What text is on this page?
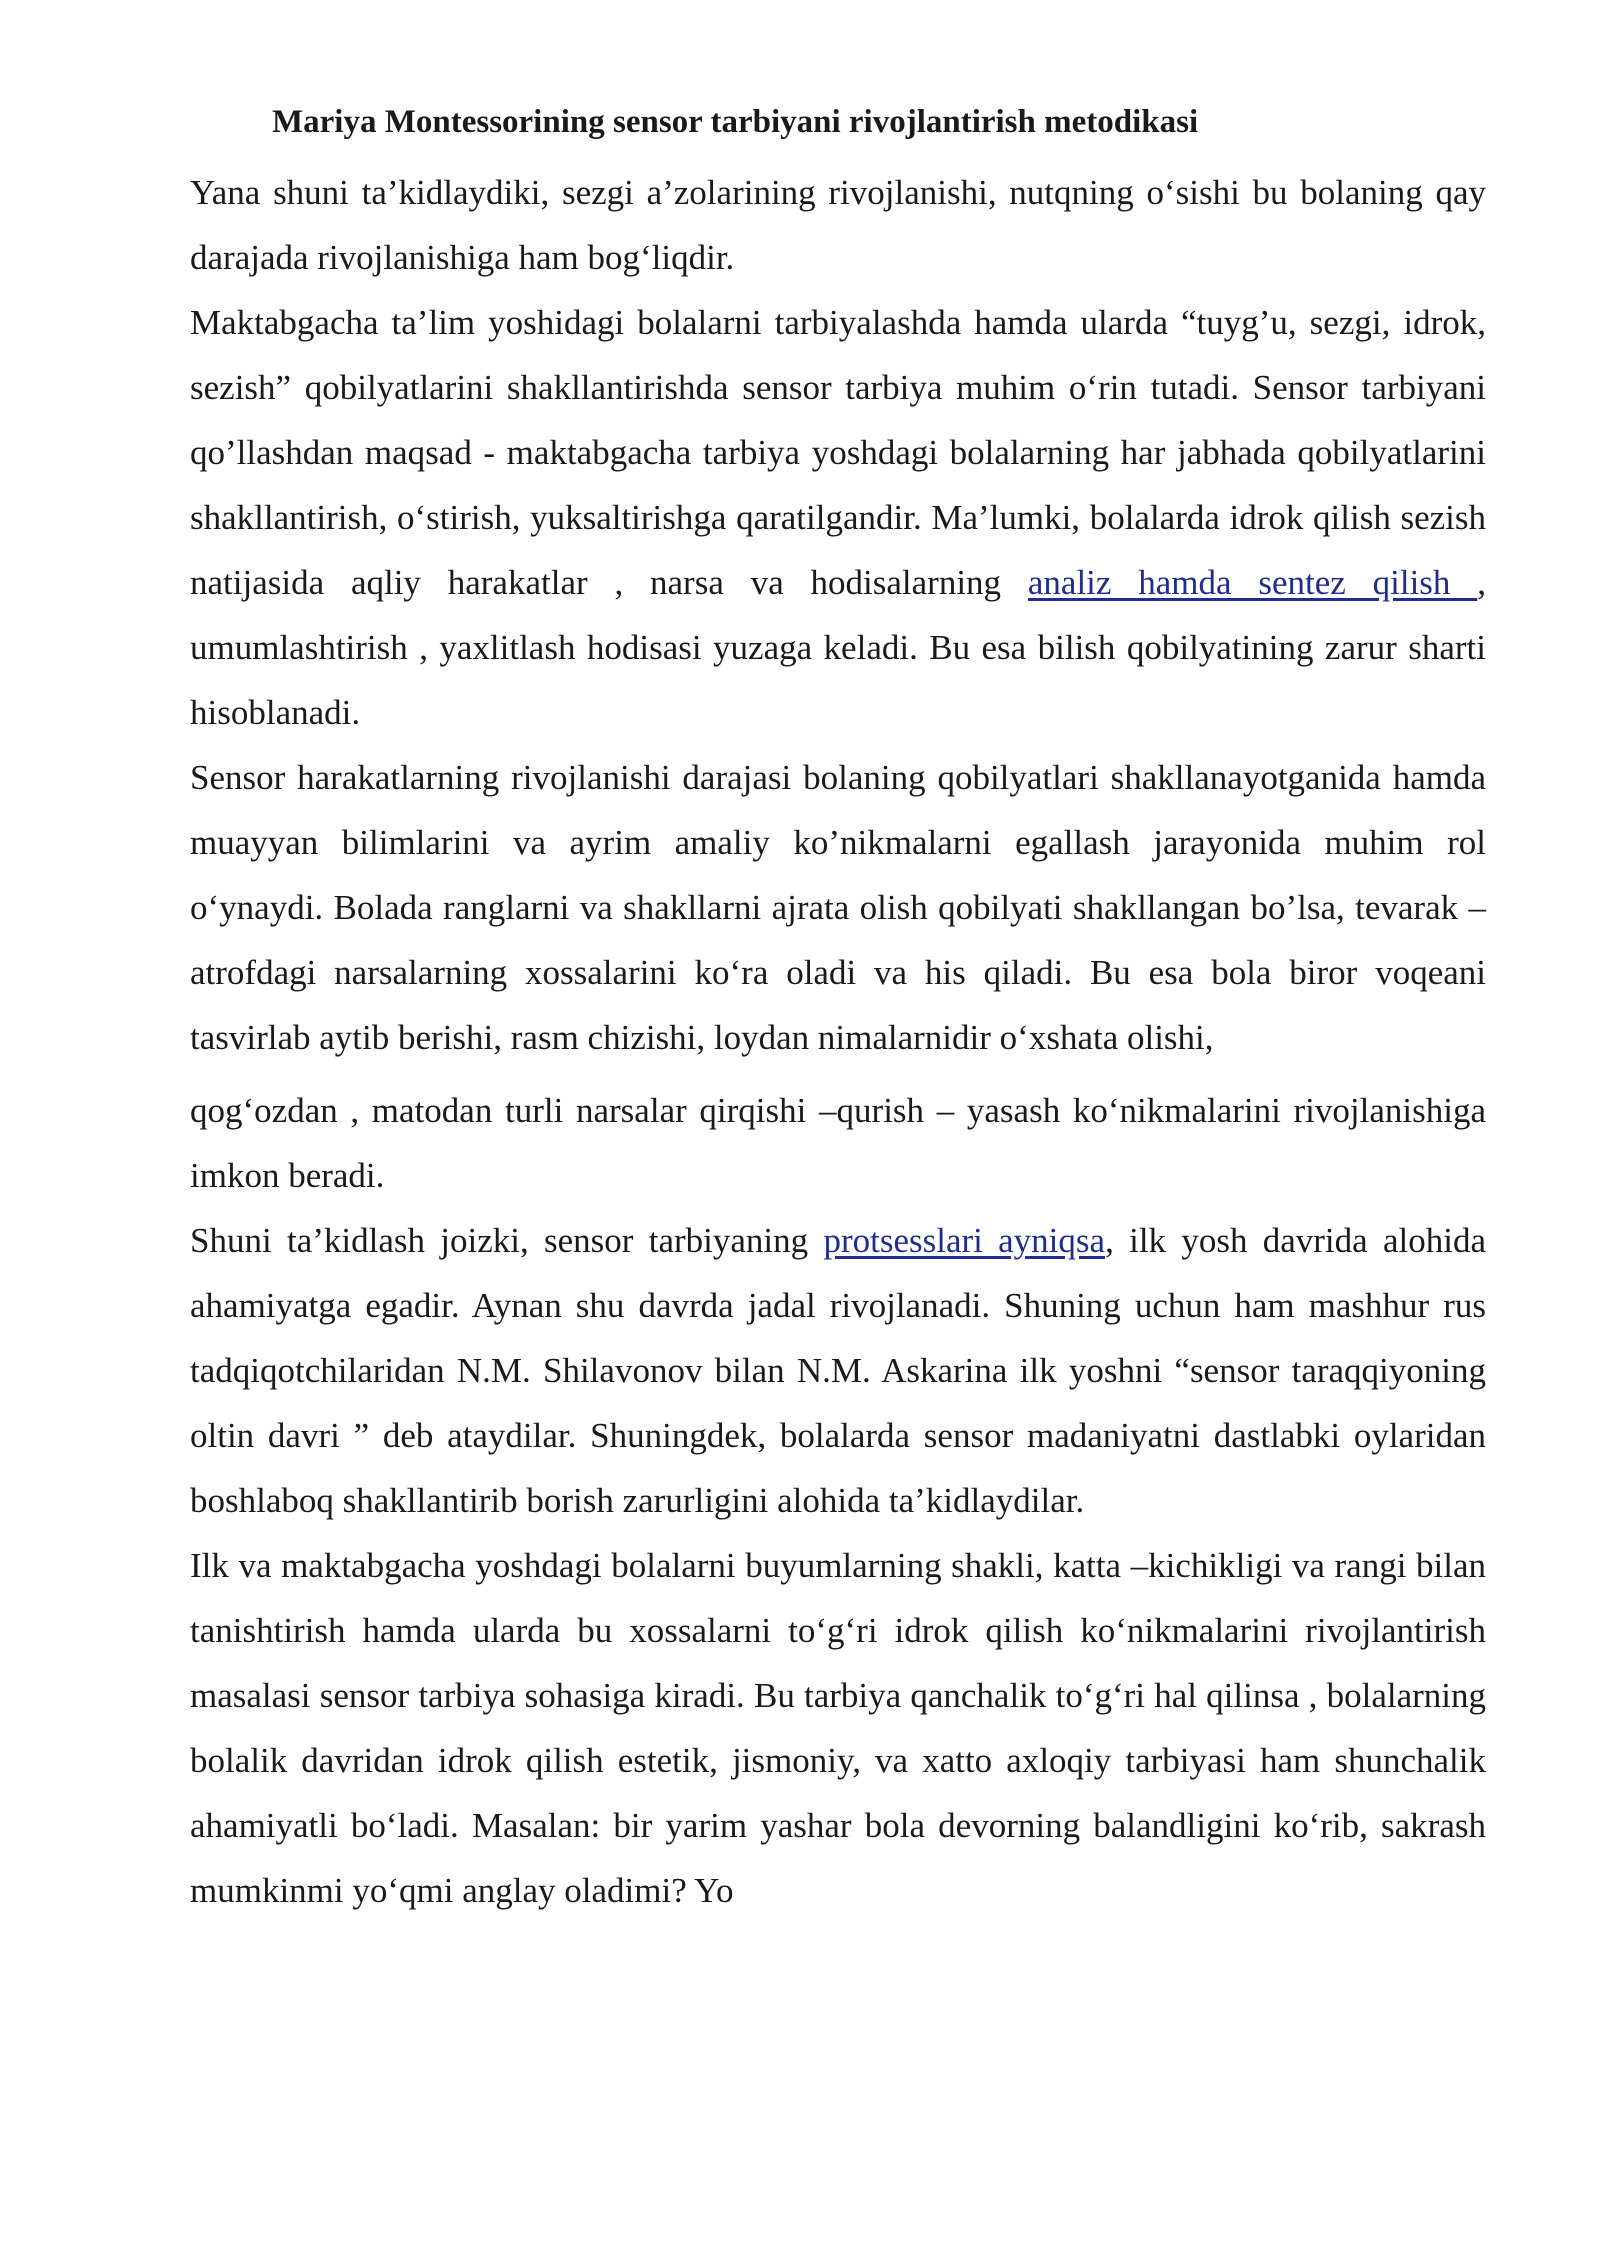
Mariya Montessorining sensor tarbiyani rivojlantirish metodikasi

Yana shuni ta’kidlaydiki, sezgi a’zolarining rivojlanishi, nutqning o‘sishi bu bolaning qay darajada rivojlanishiga ham bog‘liqdir.

Maktabgacha ta’lim yoshidagi bolalarni tarbiyalashda hamda ularda “tuyg’u, sezgi, idrok, sezish” qobilyatlarini shakllantirishda sensor tarbiya muhim o‘rin tutadi. Sensor tarbiyani qo’llashdan maqsad - maktabgacha tarbiya yoshdagi bolalarning har jabhada qobilyatlarini shakllantirish, o‘stirish, yuksaltirishga qaratilgandir. Ma’lumki, bolalarda idrok qilish sezish natijasida aqliy harakatlar , narsa va hodisalarning analiz hamda sentez qilish , umumlashtirish , yaxlitlash hodisasi yuzaga keladi. Bu esa bilish qobilyatining zarur sharti hisoblanadi.

Sensor harakatlarning rivojlanishi darajasi bolaning qobilyatlari shakllanayotganida hamda muayyan bilimlarini va ayrim amaliy ko’nikmalarni egallash jarayonida muhim rol o‘ynaydi. Bolada ranglarni va shakllarni ajrata olish qobilyati shakllangan bo’lsa, tevarak –atrofdagi narsalarning xossalarini ko‘ra oladi va his qiladi. Bu esa bola biror voqeani tasvirlab aytib berishi, rasm chizishi, loydan nimalarnidir o‘xshata olishi,

qog‘ozdan , matodan turli narsalar qirqishi –qurish – yasash ko‘nikmalarini rivojlanishiga imkon beradi.

Shuni ta’kidlash joizki, sensor tarbiyaning protsesslari ayniqsa, ilk yosh davrida alohida ahamiyatga egadir. Aynan shu davrda jadal rivojlanadi. Shuning uchun ham mashhur rus tadqiqotchilaridan N.M. Shilavonov bilan N.M. Askarina ilk yoshni “sensor taraqqiyoning oltin davri ” deb ataydilar. Shuningdek, bolalarda sensor madaniyatni dastlabki oylaridan boshlaboq shakllantirib borish zarurligini alohida ta’kidlaydilar.

Ilk va maktabgacha yoshdagi bolalarni buyumlarning shakli, katta –kichikligi va rangi bilan tanishtirish hamda ularda bu xossalarni to‘g‘ri idrok qilish ko‘nikmalarini rivojlantirish masalasi sensor tarbiya sohasiga kiradi. Bu tarbiya qanchalik to‘g‘ri hal qilinsa , bolalarning bolalik davridan idrok qilish estetik, jismoniy, va xatto axloqiy tarbiyasi ham shunchalik ahamiyatli bo‘ladi. Masalan: bir yarim yashar bola devorning balandligini ko‘rib, sakrash mumkinmi yo‘qmi anglay oladimi? Yo
